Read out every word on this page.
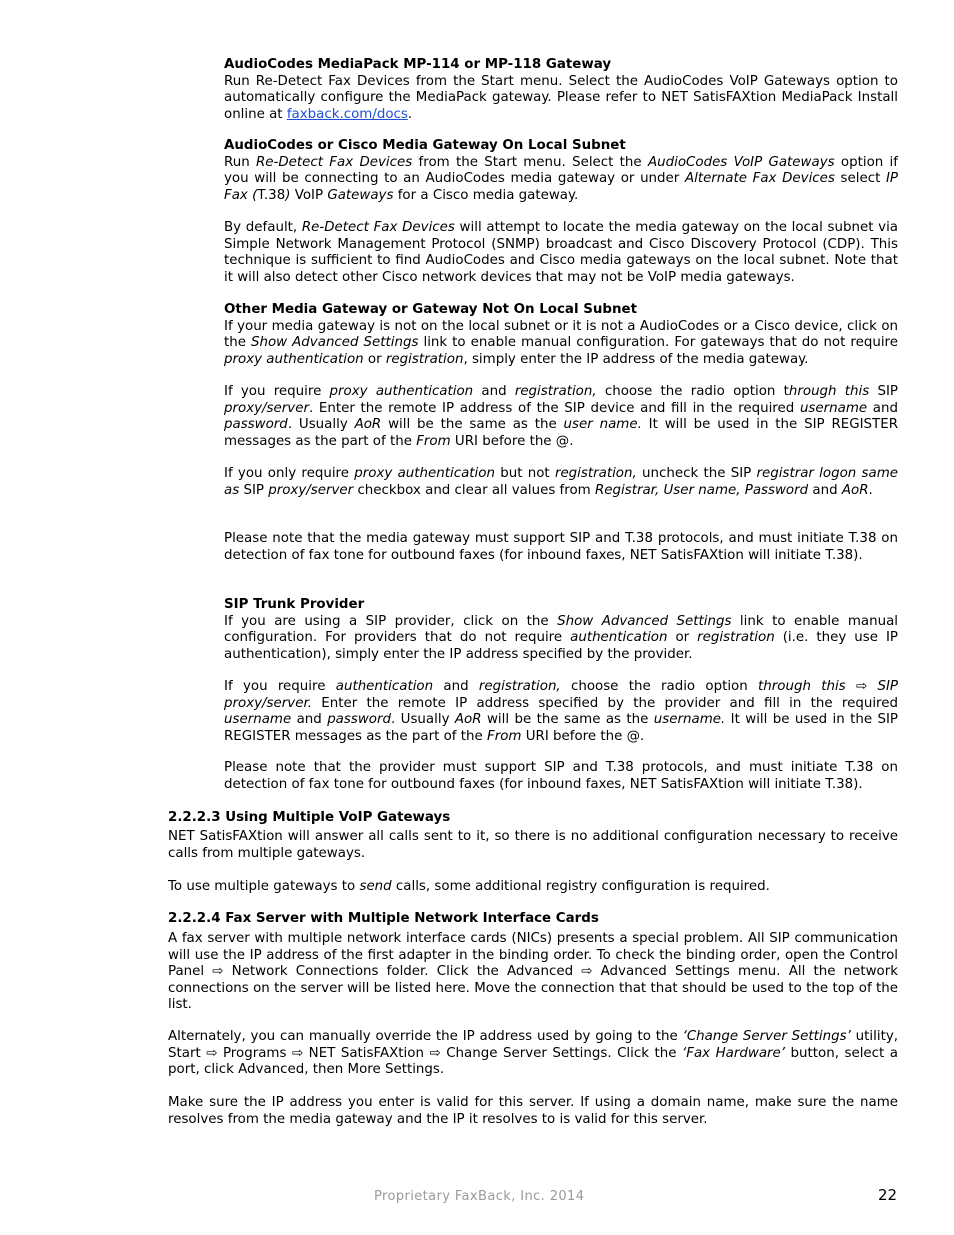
AudioCodes MediaPack MP-114 or MP-118 Gateway
Run Re-Detect Fax Devices from the Start menu. Select the AudioCodes VoIP Gateways option to automatically configure the MediaPack gateway. Please refer to NET SatisFAXtion MediaPack Install online at faxback.com/docs.
AudioCodes or Cisco Media Gateway On Local Subnet
Run Re-Detect Fax Devices from the Start menu. Select the AudioCodes VoIP Gateways option if you will be connecting to an AudioCodes media gateway or under Alternate Fax Devices select IP Fax (T.38) VoIP Gateways for a Cisco media gateway.
By default, Re-Detect Fax Devices will attempt to locate the media gateway on the local subnet via Simple Network Management Protocol (SNMP) broadcast and Cisco Discovery Protocol (CDP). This technique is sufficient to find AudioCodes and Cisco media gateways on the local subnet. Note that it will also detect other Cisco network devices that may not be VoIP media gateways.
Other Media Gateway or Gateway Not On Local Subnet
If your media gateway is not on the local subnet or it is not a AudioCodes or a Cisco device, click on the Show Advanced Settings link to enable manual configuration. For gateways that do not require proxy authentication or registration, simply enter the IP address of the media gateway.
If you require proxy authentication and registration, choose the radio option through this SIP proxy/server. Enter the remote IP address of the SIP device and fill in the required username and password. Usually AoR will be the same as the user name. It will be used in the SIP REGISTER messages as the part of the From URI before the @.
If you only require proxy authentication but not registration, uncheck the SIP registrar logon same as SIP proxy/server checkbox and clear all values from Registrar, User name, Password and AoR.
Please note that the media gateway must support SIP and T.38 protocols, and must initiate T.38 on detection of fax tone for outbound faxes (for inbound faxes, NET SatisFAXtion will initiate T.38).
SIP Trunk Provider
If you are using a SIP provider, click on the Show Advanced Settings link to enable manual configuration. For providers that do not require authentication or registration (i.e. they use IP authentication), simply enter the IP address specified by the provider.
If you require authentication and registration, choose the radio option through this ⇨ SIP proxy/server. Enter the remote IP address specified by the provider and fill in the required username and password. Usually AoR will be the same as the username. It will be used in the SIP REGISTER messages as the part of the From URI before the @.
Please note that the provider must support SIP and T.38 protocols, and must initiate T.38 on detection of fax tone for outbound faxes (for inbound faxes, NET SatisFAXtion will initiate T.38).
2.2.2.3 Using Multiple VoIP Gateways
NET SatisFAXtion will answer all calls sent to it, so there is no additional configuration necessary to receive calls from multiple gateways.
To use multiple gateways to send calls, some additional registry configuration is required.
2.2.2.4 Fax Server with Multiple Network Interface Cards
A fax server with multiple network interface cards (NICs) presents a special problem. All SIP communication will use the IP address of the first adapter in the binding order. To check the binding order, open the Control Panel ⇨ Network Connections folder. Click the Advanced ⇨ Advanced Settings menu. All the network connections on the server will be listed here. Move the connection that that should be used to the top of the list.
Alternately, you can manually override the IP address used by going to the ‘Change Server Settings’ utility, Start ⇨ Programs ⇨ NET SatisFAXtion ⇨ Change Server Settings. Click the ‘Fax Hardware’ button, select a port, click Advanced, then More Settings.
Make sure the IP address you enter is valid for this server. If using a domain name, make sure the name resolves from the media gateway and the IP it resolves to is valid for this server.
Proprietary FaxBack, Inc. 2014	22
